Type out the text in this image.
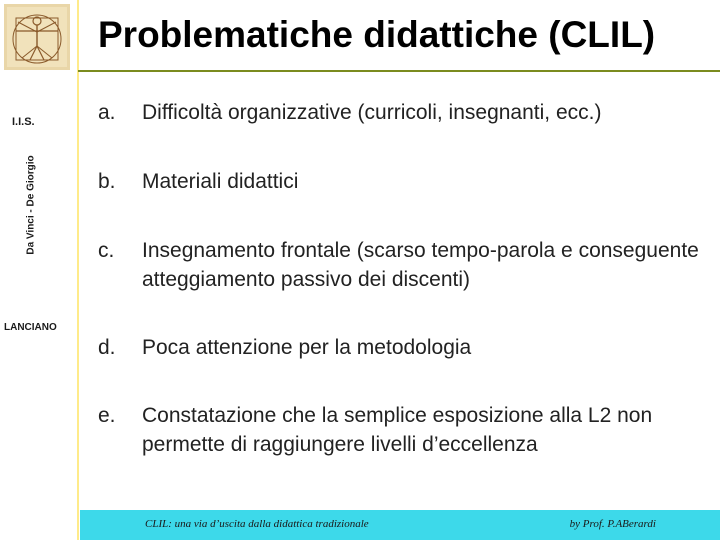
I.I.S.
Da Vinci - De Giorgio
LANCIANO
Problematiche didattiche (CLIL)
a.	Difficoltà organizzative (curricoli, insegnanti, ecc.)
b.	Materiali didattici
c.	Insegnamento frontale (scarso tempo-parola e conseguente atteggiamento passivo dei discenti)
d.	Poca attenzione per la metodologia
e.	Constatazione che la semplice esposizione alla L2 non permette di raggiungere livelli d’eccellenza
CLIL: una via d’uscita dalla didattica tradizionale	by Prof. P.ABerardi
